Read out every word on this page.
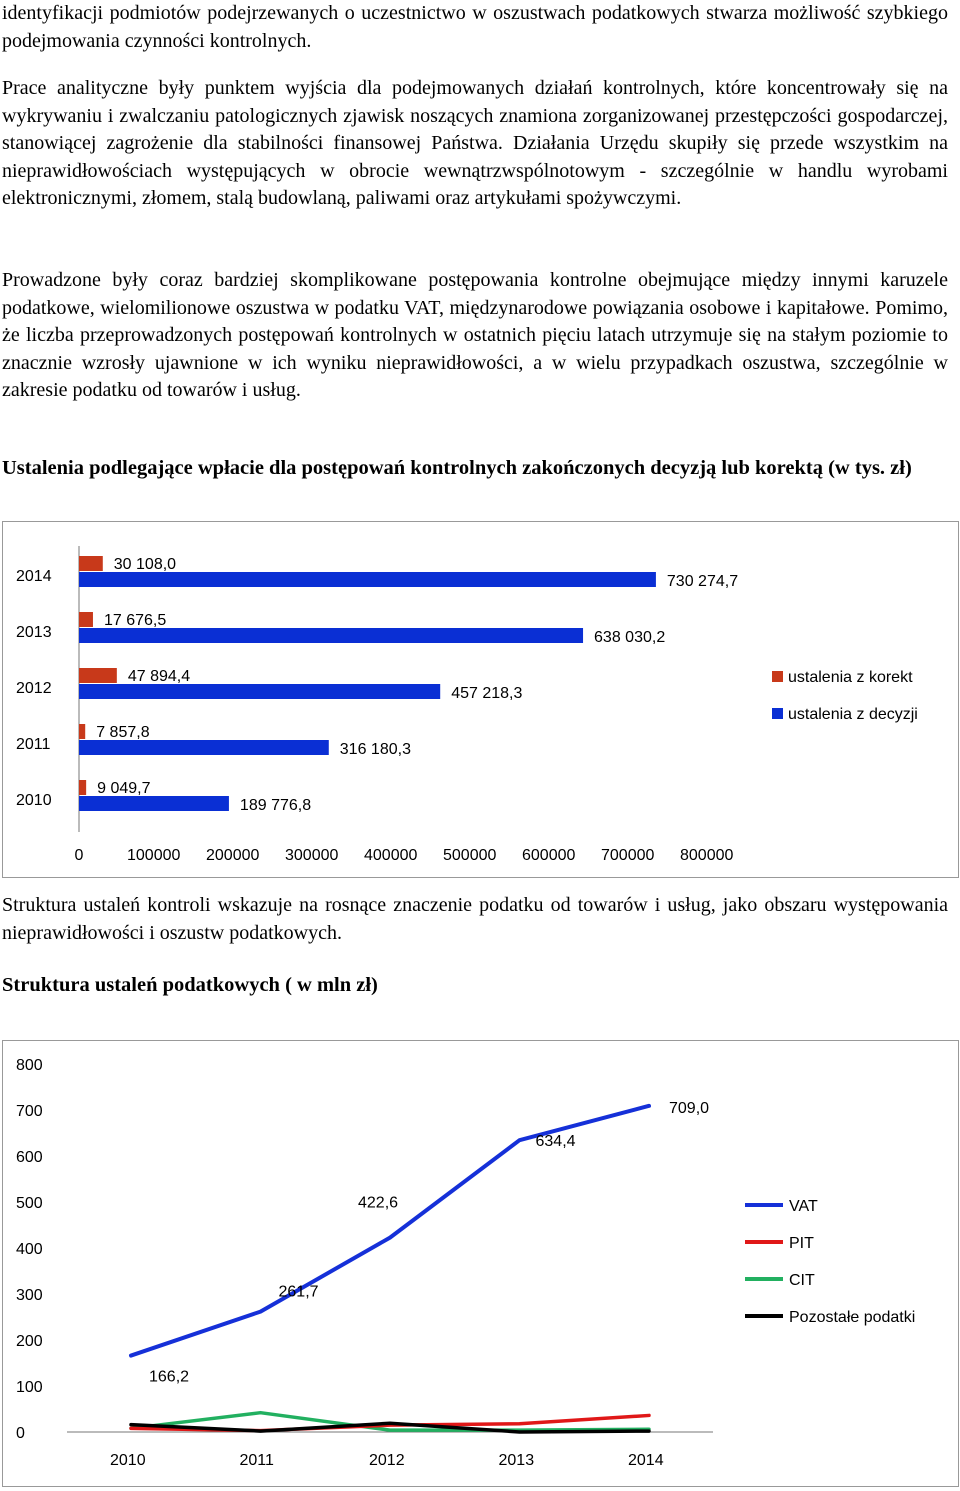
identyfikacji podmiotów podejrzewanych o uczestnictwo w oszustwach podatkowych stwarza możliwość szybkiego podejmowania czynności kontrolnych.

Prace analityczne były punktem wyjścia dla podejmowanych działań kontrolnych, które koncentrowały się na wykrywaniu i zwalczaniu patologicznych zjawisk noszących znamiona zorganizowanej przestępczości gospodarczej, stanowiącej zagrożenie dla stabilności finansowej Państwa. Działania Urzędu skupiły się przede wszystkim na nieprawidłowościach występujących w obrocie wewnątrzwspólnotowym - szczególnie w handlu wyrobami elektronicznymi, złomem, stalą budowlaną, paliwami oraz artykułami spożywczymi.

Prowadzone były coraz bardziej skomplikowane postępowania kontrolne obejmujące między innymi karuzele podatkowe, wielomilionowe oszustwa w podatku VAT, międzynarodowe powiązania osobowe i kapitałowe. Pomimo, że liczba przeprowadzonych postępowań kontrolnych w ostatnich pięciu latach utrzymuje się na stałym poziomie to znacznie wzrosły ujawnione w ich wyniku nieprawidłowości, a w wielu przypadkach oszustwa, szczególnie w zakresie podatku od towarów i usług.

Ustalenia podlegające wpłacie dla postępowań kontrolnych zakończonych decyzją lub korektą (w tys. zł)

2010
9 049,7
189 776,8
2011
7 857,8
316 180,3
2012
47 894,4
457 218,3
2013
17 676,5
638 030,2
2014
30 108,0
730 274,7
0	100000 200000 300000 400000 500000 600000 700000 800000
ustalenia z korekt
ustalenia z decyzji

Struktura ustaleń kontroli wskazuje na rosnące znaczenie podatku od towarów i usług, jako obszaru występowania nieprawidłowości i oszustw podatkowych.

Struktura ustaleń podatkowych ( w mln zł)

0
100
200
300
400
500
600
700
800
2010	2011	2012	2013	2014
166,2
261,7
422,6
634,4
709,0
VAT
PIT
CIT
Pozostałe podatki
